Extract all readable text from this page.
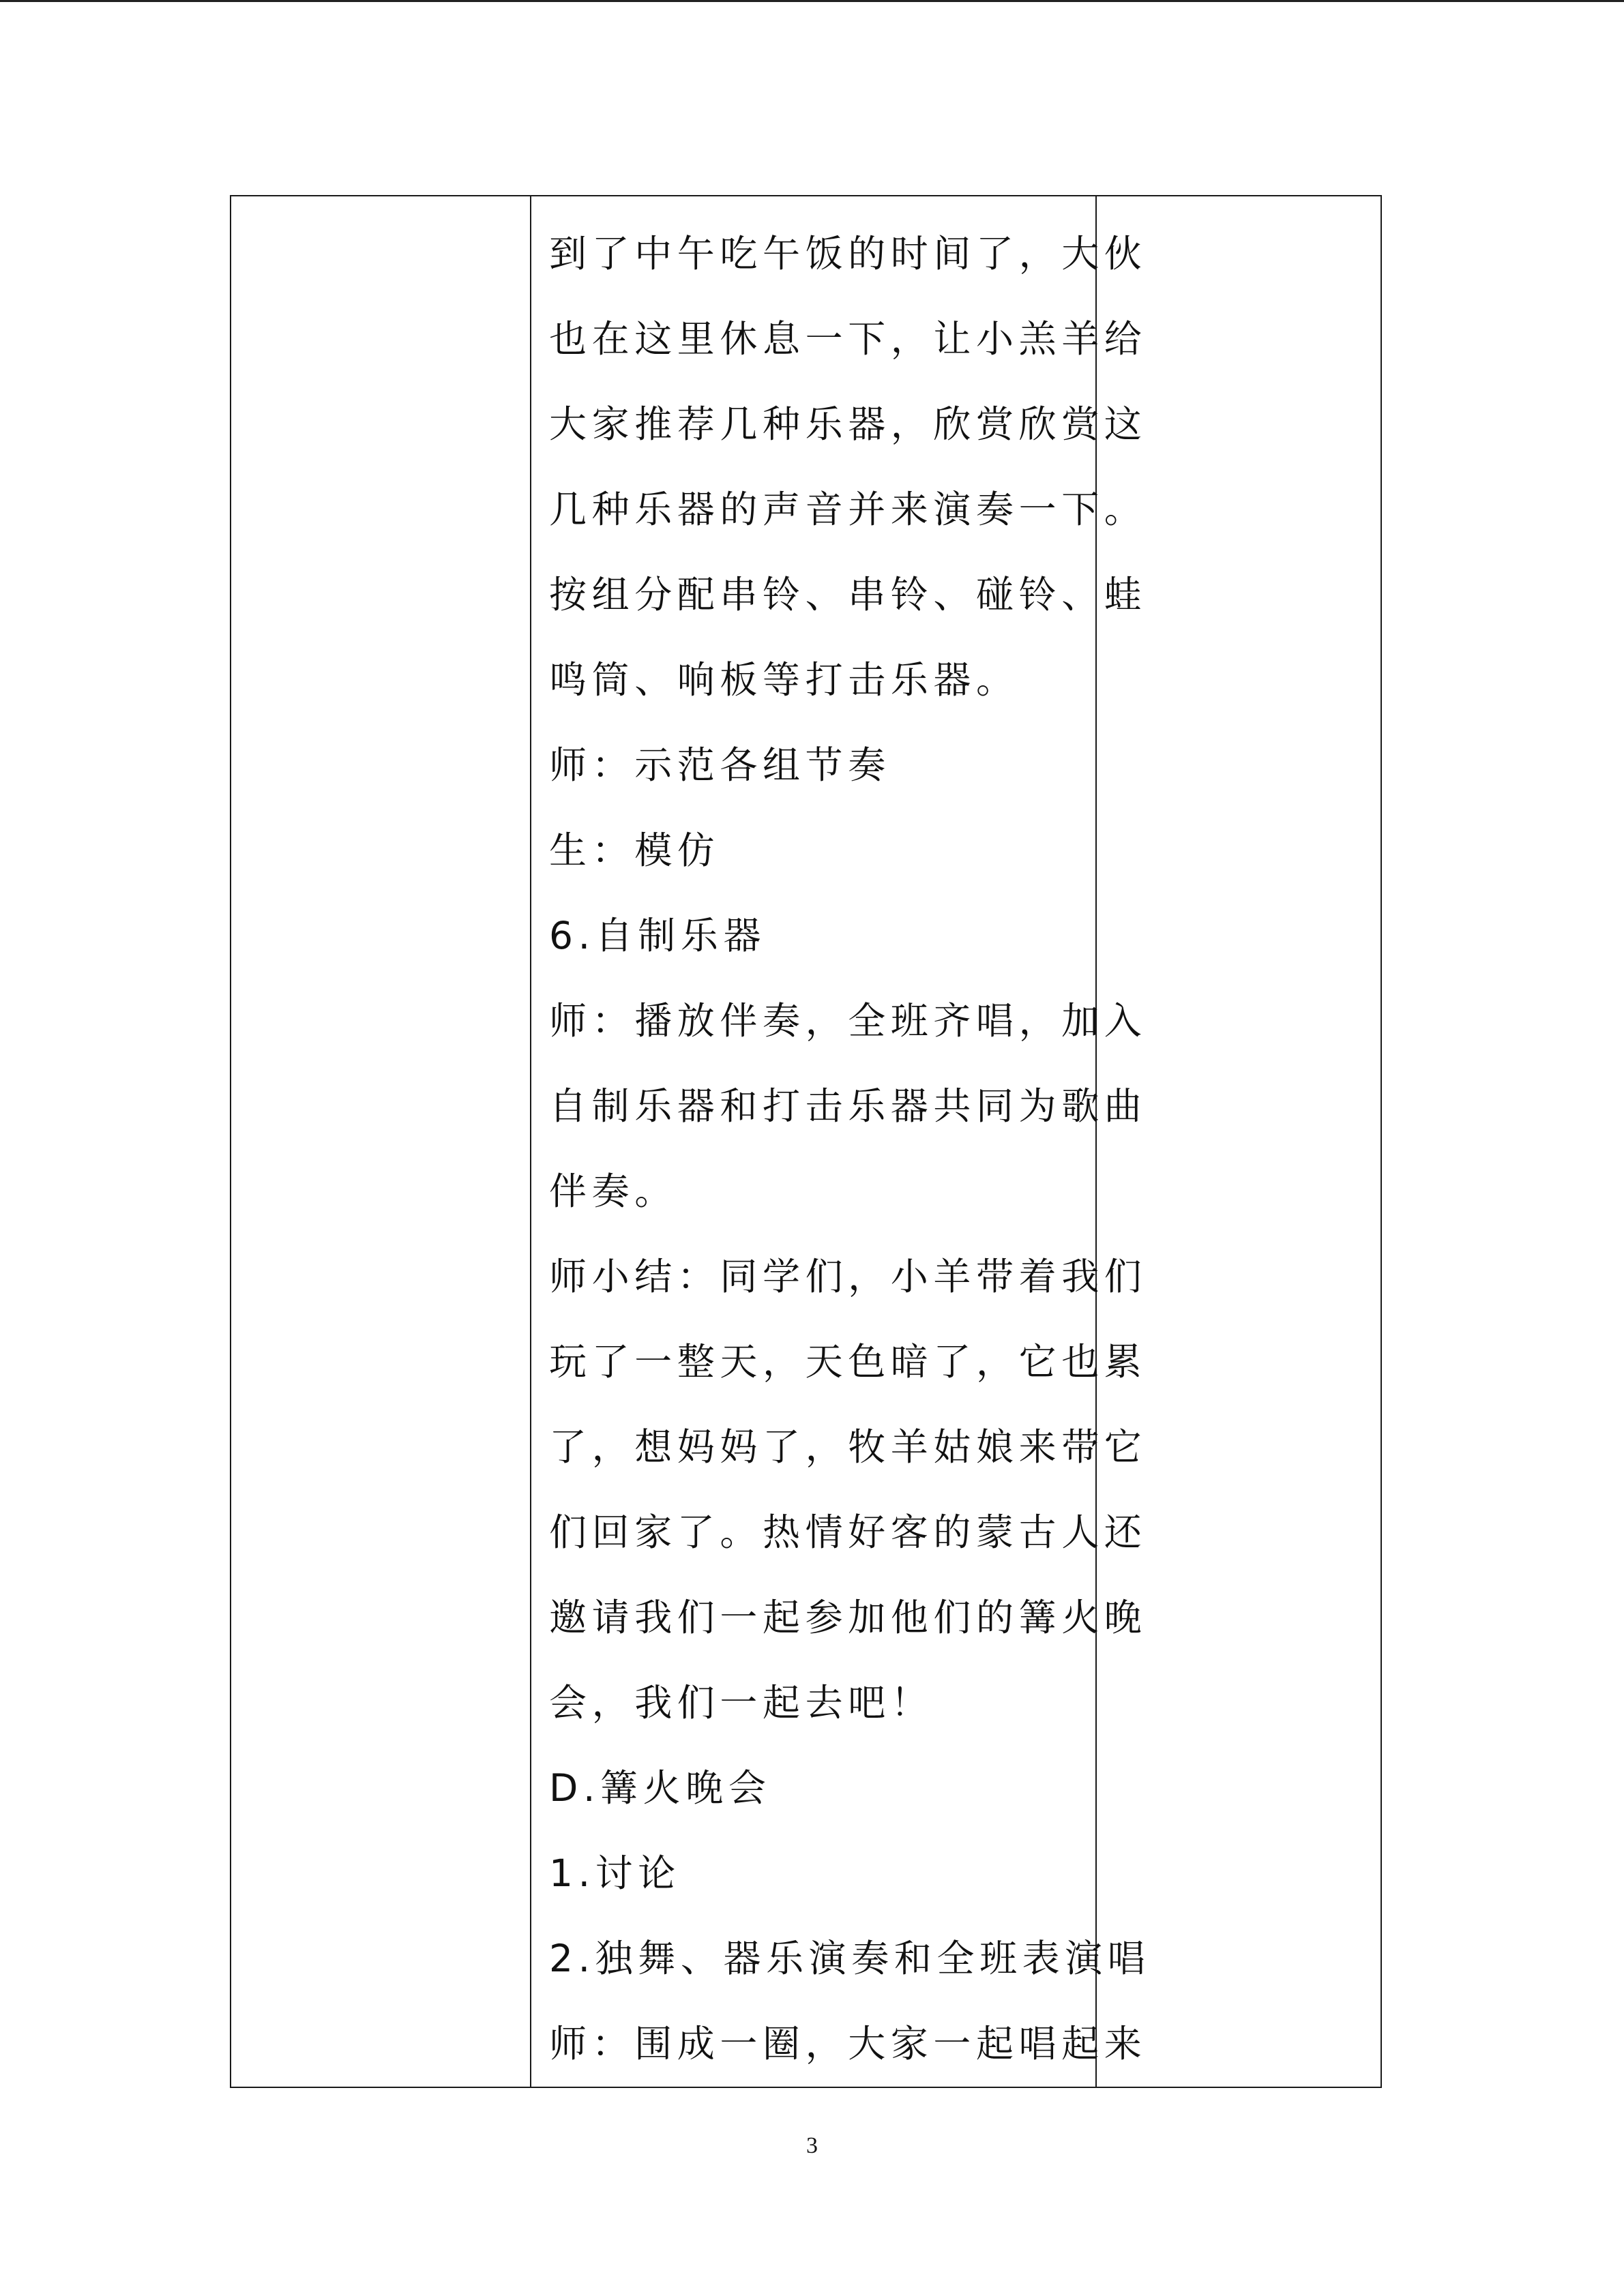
到了中午吃午饭的时间了，大伙
也在这里休息一下，让小羔羊给
大家推荐几种乐器，欣赏欣赏这
几种乐器的声音并来演奏一下。
按组分配串铃、串铃、碰铃、蛙
鸣筒、响板等打击乐器。
师：示范各组节奏
生：模仿
6.自制乐器
师：播放伴奏，全班齐唱，加入
自制乐器和打击乐器共同为歌曲
伴奏。
师小结：同学们，小羊带着我们
玩了一整天，天色暗了，它也累
了，想妈妈了，牧羊姑娘来带它
们回家了。热情好客的蒙古人还
邀请我们一起参加他们的篝火晚
会，我们一起去吧！
D.篝火晚会
1.讨论
2.独舞、器乐演奏和全班表演唱
师：围成一圈，大家一起唱起来

3
